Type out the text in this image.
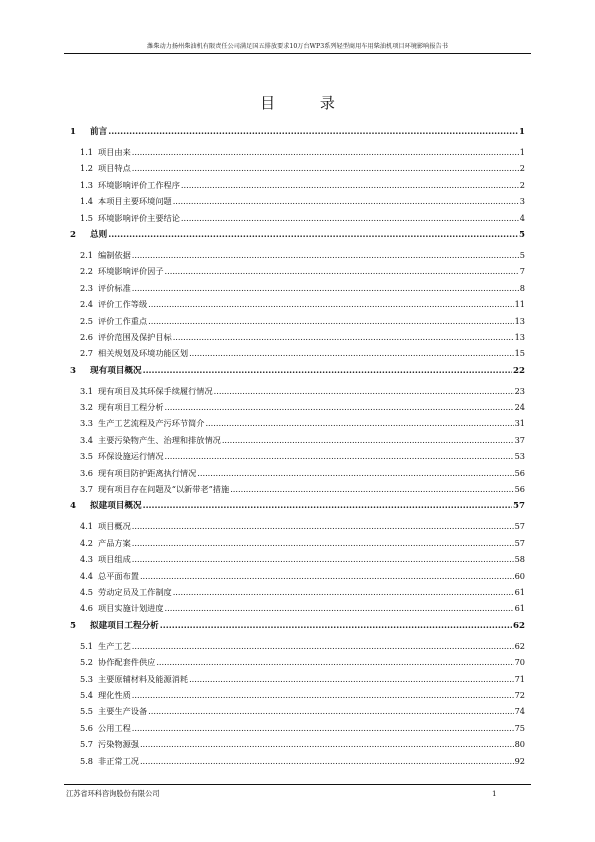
潍柴动力扬州柴油机有限责任公司满足国五排放要求10万台WP3系列轻型商用车用柴油机项目环境影响报告书
目 录
1 前言 .....	1
1.1 项目由来 .....	1
1.2 项目特点 .....	2
1.3 环境影响评价工作程序 .....	2
1.4 本项目主要环境问题 .....	3
1.5 环境影响评价主要结论 .....	4
2 总则 .....	5
2.1 编制依据 .....	5
2.2 环境影响评价因子 .....	7
2.3 评价标准 .....	8
2.4 评价工作等级 .....	11
2.5 评价工作重点 .....	13
2.6 评价范围及保护目标 .....	13
2.7 相关规划及环境功能区划 .....	15
3 现有项目概况 .....	22
3.1 现有项目及其环保手续履行情况 .....	23
3.2 现有项目工程分析 .....	24
3.3 生产工艺流程及产污环节简介 .....	31
3.4 主要污染物产生、治理和排放情况 .....	37
3.5 环保设施运行情况 .....	53
3.6 现有项目防护距离执行情况 .....	56
3.7 现有项目存在问题及“以新带老”措施 .....	56
4 拟建项目概况 .....	57
4.1 项目概况 .....	57
4.2 产品方案 .....	57
4.3 项目组成 .....	58
4.4 总平面布置 .....	60
4.5 劳动定员及工作制度 .....	61
4.6 项目实施计划进度 .....	61
5 拟建项目工程分析 .....	62
5.1 生产工艺 .....	62
5.2 协作配套件供应 .....	70
5.3 主要原辅材料及能源消耗 .....	71
5.4 理化性质 .....	72
5.5 主要生产设备 .....	74
5.6 公用工程 .....	75
5.7 污染物源强 .....	80
5.8 非正常工况 .....	92
江苏省环科咨询股份有限公司	1
